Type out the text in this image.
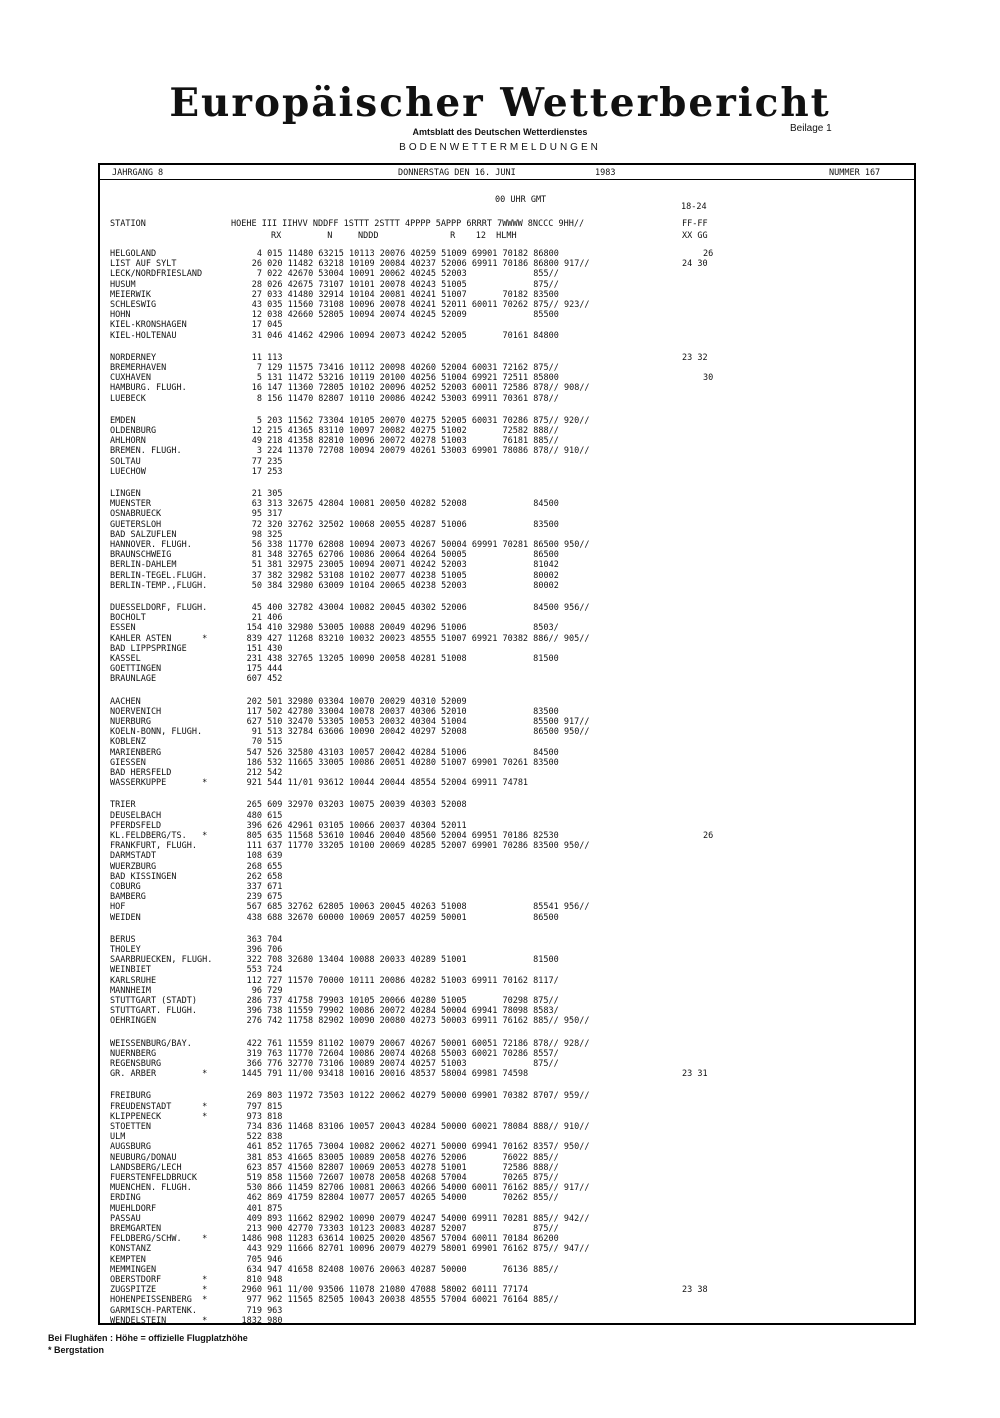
Europäischer Wetterbericht
Amtsblatt des Deutschen Wetterdienstes	Beilage 1
BODENWETTERMELDUNGEN
JAHRGANG 8	DONNERSTAG DEN 16. JUNI	1983	NUMMER 167
00 UHR GMT
18-24
STATION	HOEHE III IIHVV NDDFF 1STTT 2STTT 4PPPP 5APPP 6RRRT 7WWWW 8NCCC 9HH//
RX         N     NDDD              R    12  HLMH
FF-FF
XX GG
HELGOLAND	4 015 11480 63215 10113 20076 40259 51009 69901 70182 86800	26
LIST AUF SYLT	26 020 11482 63218 10109 20084 40237 52006 69911 70186 86800 917//	24 30
LECK/NORDFRIESLAND	7 022 42670 53004 10091 20062 40245 52003             855//
HUSUM	28 026 42675 73107 10101 20078 40243 51005             875//
MEIERWIK	27 033 41480 32914 10104 20081 40241 51007       70182 83500
SCHLESWIG	43 035 11560 73108 10096 20078 40241 52011 60011 70262 875// 923//
HOHN	12 038 42660 52805 10094 20074 40245 52009             85500
KIEL-KRONSHAGEN	17 045
KIEL-HOLTENAU	31 046 41462 42906 10094 20073 40242 52005       70161 84800
NORDERNEY	11 113	23 32
BREMERHAVEN	7 129 11575 73416 10112 20098 40260 52004 60031 72162 875//
CUXHAVEN	5 131 11472 53216 10119 20100 40256 51004 69921 72511 85800	30
HAMBURG. FLUGH.	16 147 11360 72805 10102 20096 40252 52003 60011 72586 878// 908//
LUEBECK	8 156 11470 82807 10110 20086 40242 53003 69911 70361 878//
EMDEN	5 203 11562 73304 10105 20070 40275 52005 60031 70286 875// 920//
OLDENBURG	12 215 41365 83110 10097 20082 40275 51002       72582 888//
AHLHORN	49 218 41358 82810 10096 20072 40278 51003       76181 885//
BREMEN. FLUGH.	3 224 11370 72708 10094 20079 40261 53003 69901 78086 878// 910//
SOLTAU	77 235
LUECHOW	17 253
LINGEN	21 305
MUENSTER	63 313 32675 42804 10081 20050 40282 52008             84500
OSNABRUECK	95 317
GUETERSLOH	72 320 32762 32502 10068 20055 40287 51006             83500
BAD SALZUFLEN	98 325
HANNOVER. FLUGH.	56 338 11770 62808 10094 20073 40267 50004 69991 70281 86500 950//
BRAUNSCHWEIG	81 348 32765 62706 10086 20064 40264 50005             86500
BERLIN-DAHLEM	51 381 32975 23005 10094 20071 40242 52003             81042
BERLIN-TEGEL.FLUGH.	37 382 32982 53108 10102 20077 40238 51005             80002
BERLIN-TEMP.,FLUGH.	50 384 32980 63009 10104 20065 40238 52003             80002
DUESSELDORF, FLUGH.	45 400 32782 43004 10082 20045 40302 52006             84500 956//
BOCHOLT	21 406
ESSEN	154 410 32980 53005 10088 20049 40296 51006             8503/
KAHLER ASTEN      *	839 427 11268 83210 10032 20023 48555 51007 69921 70382 886// 905//
BAD LIPPSPRINGE	151 430
KASSEL	231 438 32765 13205 10090 20058 40281 51008             81500
GOETTINGEN	175 444
BRAUNLAGE	607 452
AACHEN	202 501 32980 03304 10070 20029 40310 52009
NOERVENICH	117 502 42780 33004 10078 20037 40306 52010             83500
NUERBURG	627 510 32470 53305 10053 20032 40304 51004             85500 917//
KOELN-BONN, FLUGH.	91 513 32784 63606 10090 20042 40297 52008             86500 950//
KOBLENZ	70 515
MARIENBERG	547 526 32580 43103 10057 20042 40284 51006             84500
GIESSEN	186 532 11665 33005 10086 20051 40280 51007 69901 70261 83500
BAD HERSFELD	212 542
WASSERKUPPE       *	921 544 11/01 93612 10044 20044 48554 52004 69911 74781
TRIER	265 609 32970 03203 10075 20039 40303 52008
DEUSELBACH	480 615
PFERDSFELD	396 626 42961 03105 10066 20037 40304 52011
KL.FELDBERG/TS.   *	805 635 11568 53610 10046 20040 48560 52004 69951 70186 82530	26
FRANKFURT, FLUGH.	111 637 11770 33205 10100 20069 40285 52007 69901 70286 83500 950//
DARMSTADT	108 639
WUERZBURG	268 655
BAD KISSINGEN	262 658
COBURG	337 671
BAMBERG	239 675
HOF	567 685 32762 62805 10063 20045 40263 51008             85541 956//
WEIDEN	438 688 32670 60000 10069 20057 40259 50001             86500
BERUS	363 704
THOLEY	396 706
SAARBRUECKEN, FLUGH.	322 708 32680 13404 10088 20033 40289 51001             81500
WEINBIET	553 724
KARLSRUHE	112 727 11570 70000 10111 20086 40282 51003 69911 70162 8117/
MANNHEIM	96 729
STUTTGART (STADT)	286 737 41758 79903 10105 20066 40280 51005       70298 875//
STUTTGART. FLUGH.	396 738 11559 79902 10086 20072 40284 50004 69941 78098 8583/
OEHRINGEN	276 742 11758 82902 10090 20080 40273 50003 69911 76162 885// 950//
WEISSENBURG/BAY.	422 761 11559 81102 10079 20067 40267 50001 60051 72186 878// 928//
NUERNBERG	319 763 11770 72604 10086 20074 40268 55003 60021 70286 8557/
REGENSBURG	366 776 32770 73106 10089 20074 40257 51003             875//
GR. ARBER         *	1445 791 11/00 93418 10016 20016 48537 58004 69981 74598	23 31
FREIBURG	269 803 11972 73503 10122 20062 40279 50000 69901 70382 8707/ 959//
FREUDENSTADT      *	797 815
KLIPPENECK        *	973 818
STOETTEN	734 836 11468 83106 10057 20043 40284 50000 60021 78084 888// 910//
ULM	522 838
AUGSBURG	461 852 11765 73004 10082 20062 40271 50000 69941 70162 8357/ 950//
NEUBURG/DONAU	381 853 41665 83005 10089 20058 40276 52006       76022 885//
LANDSBERG/LECH	623 857 41560 82807 10069 20053 40278 51001       72586 888//
FUERSTENFELDBRUCK	519 858 11560 72607 10078 20058 40268 57004       70265 875//
MUENCHEN. FLUGH.	530 866 11459 82706 10081 20063 40266 54000 60011 76162 885// 917//
ERDING	462 869 41759 82804 10077 20057 40265 54000       70262 855//
MUEHLDORF	401 875
PASSAU	409 893 11662 82902 10090 20079 40247 54000 69911 70281 885// 942//
BREMGARTEN	213 900 42770 73303 10123 20083 40287 52007             875//
FELDBERG/SCHW.    *	1486 908 11283 63614 10025 20020 48567 57004 60011 70184 86200
KONSTANZ	443 929 11666 82701 10096 20079 40279 58001 69901 76162 875// 947//
KEMPTEN	705 946
MEMMINGEN	634 947 41658 82408 10076 20063 40287 50000       76136 885//
OBERSTDORF        *	810 948
ZUGSPITZE         *	2960 961 11/00 93506 11078 21080 47088 58002 60111 77174	23 38
HOHENPEISSENBERG  *	977 962 11565 82505 10043 20038 48555 57004 60021 76164 885//
GARMISCH-PARTENK.	719 963
WENDELSTEIN       *	1832 980
Bei Flughäfen : Höhe = offizielle Flugplatzhöhe
* Bergstation
